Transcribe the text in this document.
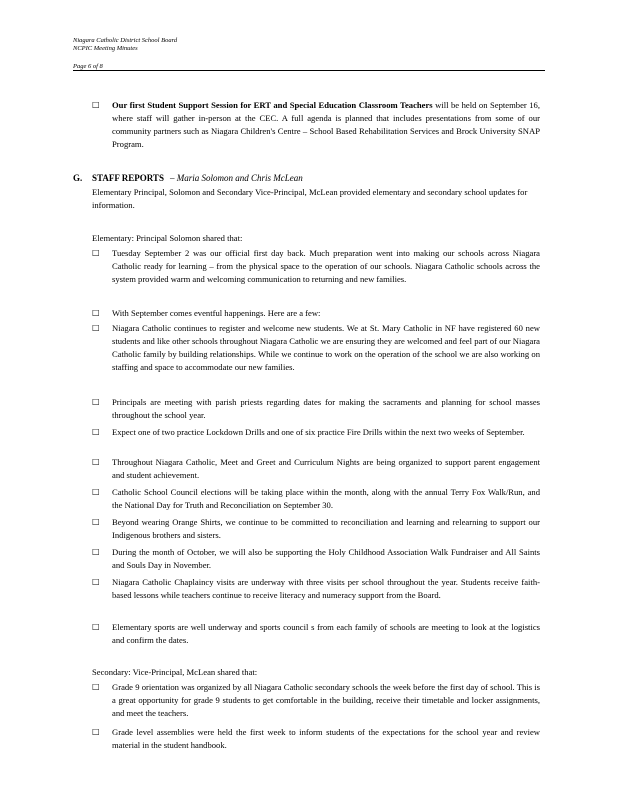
Niagara Catholic District School Board
NCPIC Meeting Minutes
Page 6 of 8
□	Our first Student Support Session for ERT and Special Education Classroom Teachers will be held on September 16, where staff will gather in-person at the CEC. A full agenda is planned that includes presentations from some of our community partners such as Niagara Children's Centre – School Based Rehabilitation Services and Brock University SNAP Program.
G. STAFF REPORTS – Maria Solomon and Chris McLean
Elementary Principal, Solomon and Secondary Vice-Principal, McLean provided elementary and secondary school updates for information.
Elementary: Principal Solomon shared that:
□	Tuesday September 2 was our official first day back. Much preparation went into making our schools across Niagara Catholic ready for learning – from the physical space to the operation of our schools. Niagara Catholic schools across the system provided warm and welcoming communication to returning and new families.
□	With September comes eventful happenings. Here are a few:
□	Niagara Catholic continues to register and welcome new students. We at St. Mary Catholic in NF have registered 60 new students and like other schools throughout Niagara Catholic we are ensuring they are welcomed and feel part of our Niagara Catholic family by building relationships. While we continue to work on the operation of the school we are also working on staffing and space to accommodate our new families.
□	Principals are meeting with parish priests regarding dates for making the sacraments and planning for school masses throughout the school year.
□	Expect one of two practice Lockdown Drills and one of six practice Fire Drills within the next two weeks of September.
□	Throughout Niagara Catholic, Meet and Greet and Curriculum Nights are being organized to support parent engagement and student achievement.
□	Catholic School Council elections will be taking place within the month, along with the annual Terry Fox Walk/Run, and the National Day for Truth and Reconciliation on September 30.
□	Beyond wearing Orange Shirts, we continue to be committed to reconciliation and learning and relearning to support our Indigenous brothers and sisters.
□	During the month of October, we will also be supporting the Holy Childhood Association Walk Fundraiser and All Saints and Souls Day in November.
□	Niagara Catholic Chaplaincy visits are underway with three visits per school throughout the year. Students receive faith-based lessons while teachers continue to receive literacy and numeracy support from the Board.
□	Elementary sports are well underway and sports council s from each family of schools are meeting to look at the logistics and confirm the dates.
Secondary: Vice-Principal, McLean shared that:
□	Grade 9 orientation was organized by all Niagara Catholic secondary schools the week before the first day of school. This is a great opportunity for grade 9 students to get comfortable in the building, receive their timetable and locker assignments, and meet the teachers.
□	Grade level assemblies were held the first week to inform students of the expectations for the school year and review material in the student handbook.
